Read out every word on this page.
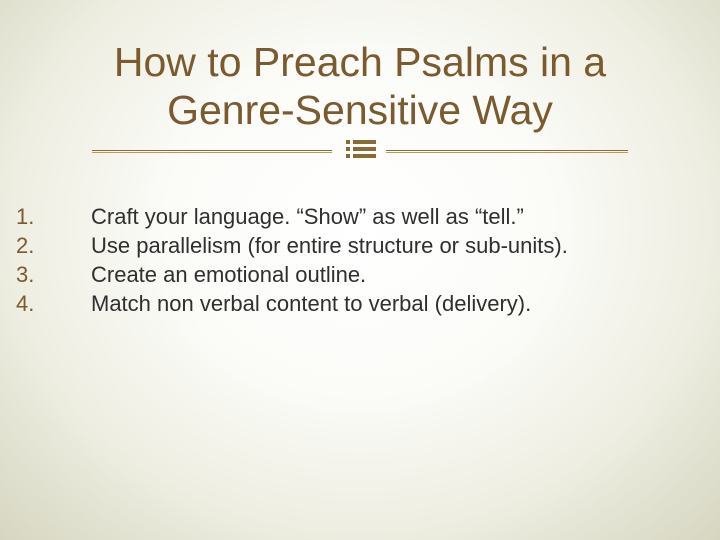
How to Preach Psalms in a
Genre-Sensitive Way
1.	Craft your language. “Show” as well as “tell.”
2.	Use parallelism (for entire structure or sub-units).
3.	Create an emotional outline.
4.	Match non verbal content to verbal (delivery).
